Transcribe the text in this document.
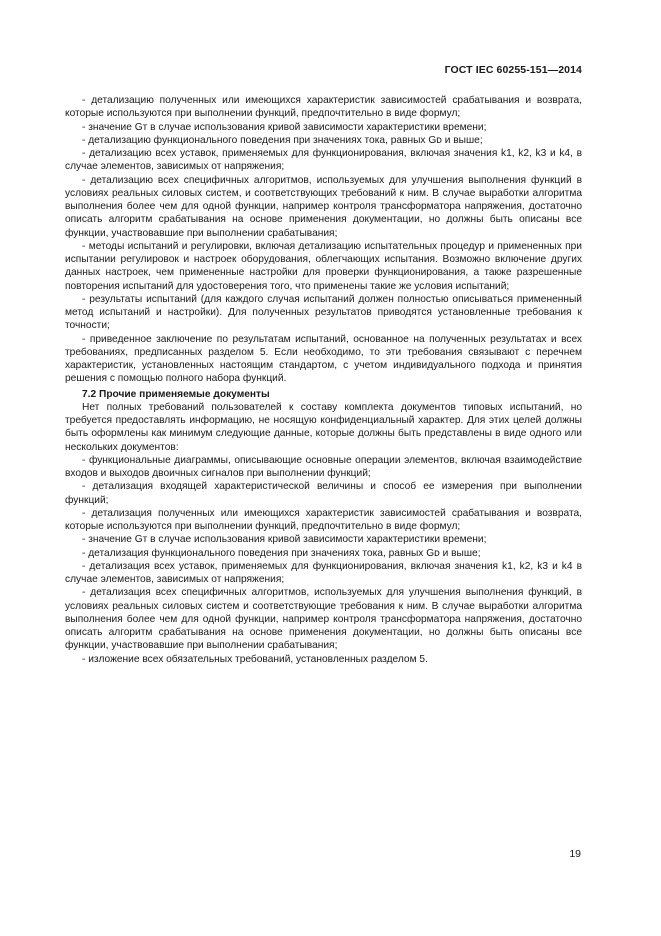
ГОСТ IEC 60255-151—2014

- детализацию полученных или имеющихся характеристик зависимостей срабатывания и возврата, которые используются при выполнении функций, предпочтительно в виде формул;

- значение Gᴛ в случае использования кривой зависимости характеристики времени;

- детализацию функционального поведения при значениях тока, равных Gᴅ и выше;

- детализацию всех уставок, применяемых для функционирования, включая значения k1, k2, k3 и k4, в случае элементов, зависимых от напряжения;

- детализацию всех специфичных алгоритмов, используемых для улучшения выполнения функций в условиях реальных силовых систем, и соответствующих требований к ним. В случае выработки алгоритма выполнения более чем для одной функции, например контроля трансформатора напряжения, достаточно описать алгоритм срабатывания на основе применения документации, но должны быть описаны все функции, участвовавшие при выполнении срабатывания;

- методы испытаний и регулировки, включая детализацию испытательных процедур и примененных при испытании регулировок и настроек оборудования, облегчающих испытания. Возможно включение других данных настроек, чем примененные настройки для проверки функционирования, а также разрешенные повторения испытаний для удостоверения того, что применены такие же условия испытаний;

- результаты испытаний (для каждого случая испытаний должен полностью описываться примененный метод испытаний и настройки). Для полученных результатов приводятся установленные требования к точности;

- приведенное заключение по результатам испытаний, основанное на полученных результатах и всех требованиях, предписанных разделом 5. Если необходимо, то эти требования связывают с перечнем характеристик, установленных настоящим стандартом, с учетом индивидуального подхода и принятия решения с помощью полного набора функций.

7.2 Прочие применяемые документы

Нет полных требований пользователей к составу комплекта документов типовых испытаний, но требуется предоставлять информацию, не носящую конфиденциальный характер. Для этих целей должны быть оформлены как минимум следующие данные, которые должны быть представлены в виде одного или нескольких документов:

- функциональные диаграммы, описывающие основные операции элементов, включая взаимодействие входов и выходов двоичных сигналов при выполнении функций;

- детализация входящей характеристической величины и способ ее измерения при выполнении функций;

- детализация полученных или имеющихся характеристик зависимостей срабатывания и возврата, которые используются при выполнении функций, предпочтительно в виде формул;

- значение Gᴛ в случае использования кривой зависимости характеристики времени;

- детализация функционального поведения при значениях тока, равных Gᴅ и выше;

- детализация всех уставок, применяемых для функционирования, включая значения k1, k2, k3 и k4 в случае элементов, зависимых от напряжения;

- детализация всех специфичных алгоритмов, используемых для улучшения выполнения функций, в условиях реальных силовых систем и соответствующие требования к ним. В случае выработки алгоритма выполнения более чем для одной функции, например контроля трансформатора напряжения, достаточно описать алгоритм срабатывания на основе применения документации, но должны быть описаны все функции, участвовавшие при выполнении срабатывания;

- изложение всех обязательных требований, установленных разделом 5.

19
